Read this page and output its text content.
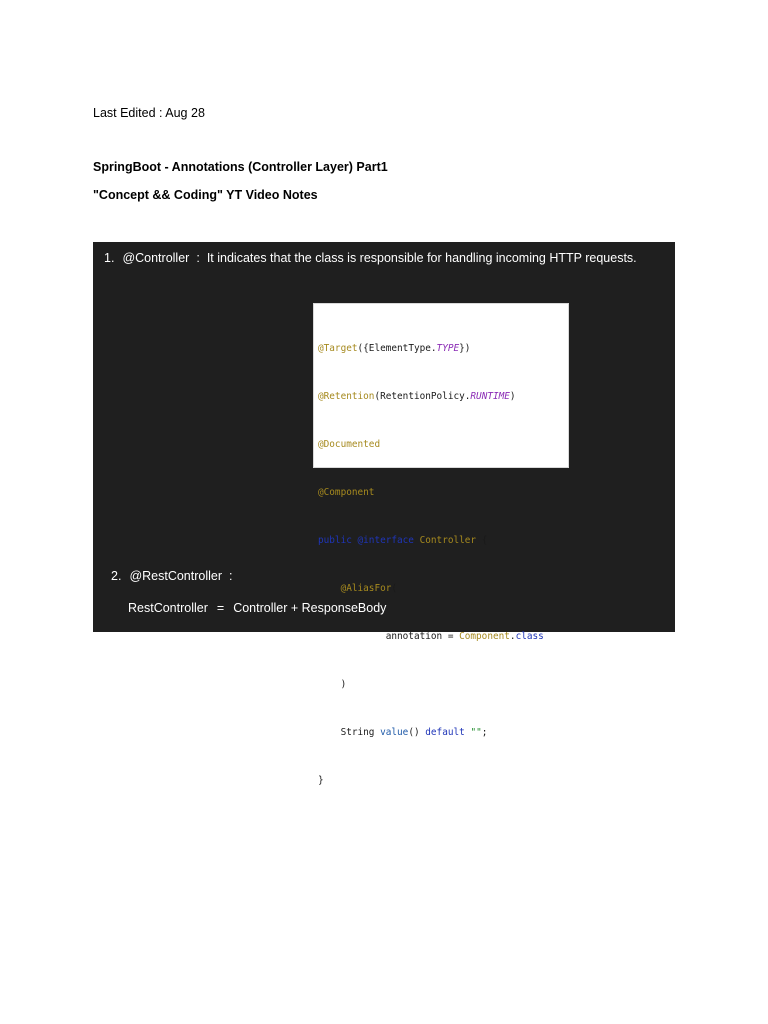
Last Edited : Aug 28
SpringBoot - Annotations (Controller Layer) Part1
"Concept && Coding" YT Video Notes
1. @Controller : It indicates that the class is responsible for handling incoming HTTP requests.

@Target({ElementType.TYPE})

@Retention(RetentionPolicy.RUNTIME)

@Documented

@Component

public @interface Controller {

@AliasFor(

annotation = Component.class

)

String value() default "";

}

2. @RestController :
RestController = Controller + ResponseBody
